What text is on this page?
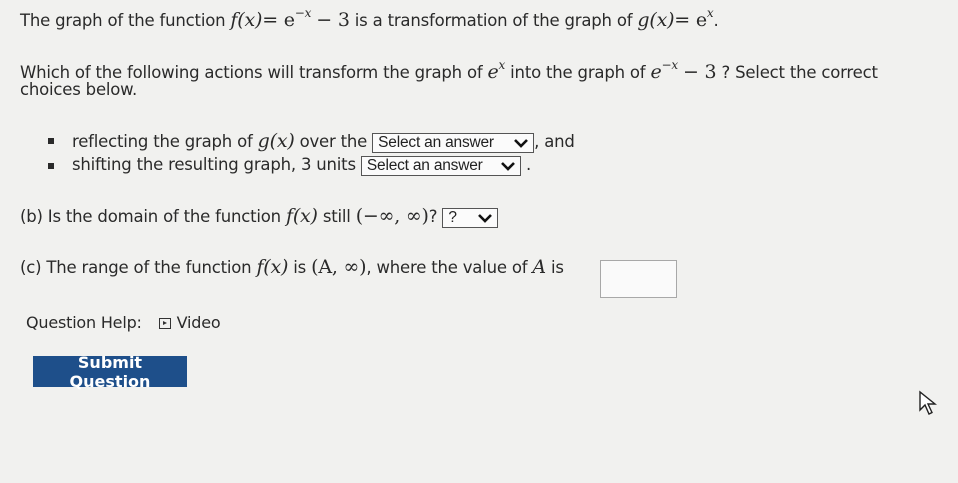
The graph of the function $f(x)= e^{-x} - 3$ is a transformation of the graph of $g(x)= e^x$.
Which of the following actions will transform the graph of $e^x$ into the graph of $e^{-x} - 3$ ? Select the correct
choices below.
reflecting the graph of g(x) over the Select an answer , and
shifting the resulting graph, 3 units Select an answer	.
(b) Is the domain of the function f(x) still (−∞, ∞)? ?
(c) The range of the function f(x) is (A, ∞), where the value of A is
Question Help: Video
Submit Question
